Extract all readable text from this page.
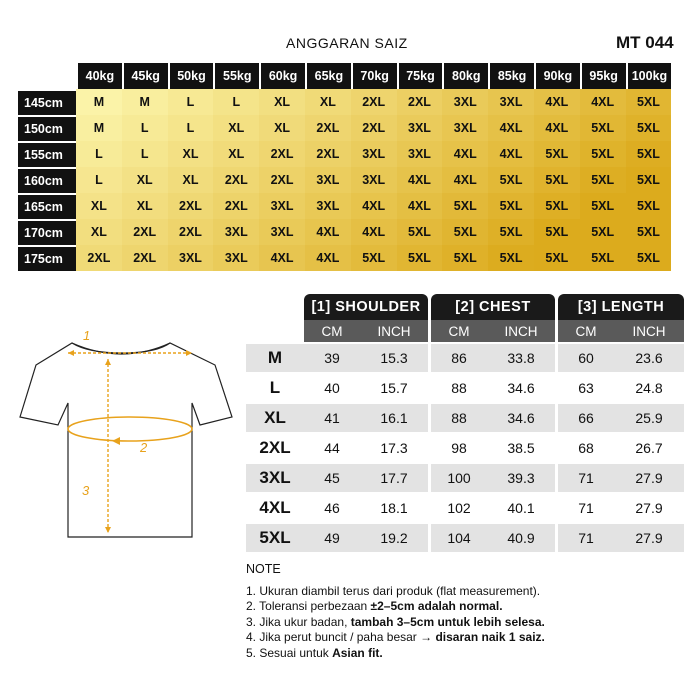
ANGGARAN SAIZ	MT 044
40kg	45kg	50kg	55kg	60kg	65kg	70kg	75kg	80kg	85kg	90kg	95kg	100kg
145cm	M	M	L	L	XL	XL	2XL	2XL	3XL	3XL	4XL	4XL	5XL
150cm	M	L	L	XL	XL	2XL	2XL	3XL	3XL	4XL	4XL	5XL	5XL
155cm	L	L	XL	XL	2XL	2XL	3XL	3XL	4XL	4XL	5XL	5XL	5XL
160cm	L	XL	XL	2XL	2XL	3XL	3XL	4XL	4XL	5XL	5XL	5XL	5XL
165cm	XL	XL	2XL	2XL	3XL	3XL	4XL	4XL	5XL	5XL	5XL	5XL	5XL
170cm	XL	2XL	2XL	3XL	3XL	4XL	4XL	5XL	5XL	5XL	5XL	5XL	5XL
175cm	2XL	2XL	3XL	3XL	4XL	4XL	5XL	5XL	5XL	5XL	5XL	5XL	5XL
1
2
3
[1] SHOULDER	[2] CHEST	[3] LENGTH
CM	INCH	CM	INCH	CM	INCH
M	39	15.3	86	33.8	60	23.6
L	40	15.7	88	34.6	63	24.8
XL	41	16.1	88	34.6	66	25.9
2XL	44	17.3	98	38.5	68	26.7
3XL	45	17.7	100	39.3	71	27.9
4XL	46	18.1	102	40.1	71	27.9
5XL	49	19.2	104	40.9	71	27.9
NOTE
1. Ukuran diambil terus dari produk (flat measurement).
2. Toleransi perbezaan ±2–5cm adalah normal.
3. Jika ukur badan, tambah 3–5cm untuk lebih selesa.
4. Jika perut buncit / paha besar → disaran naik 1 saiz.
5. Sesuai untuk Asian fit.
